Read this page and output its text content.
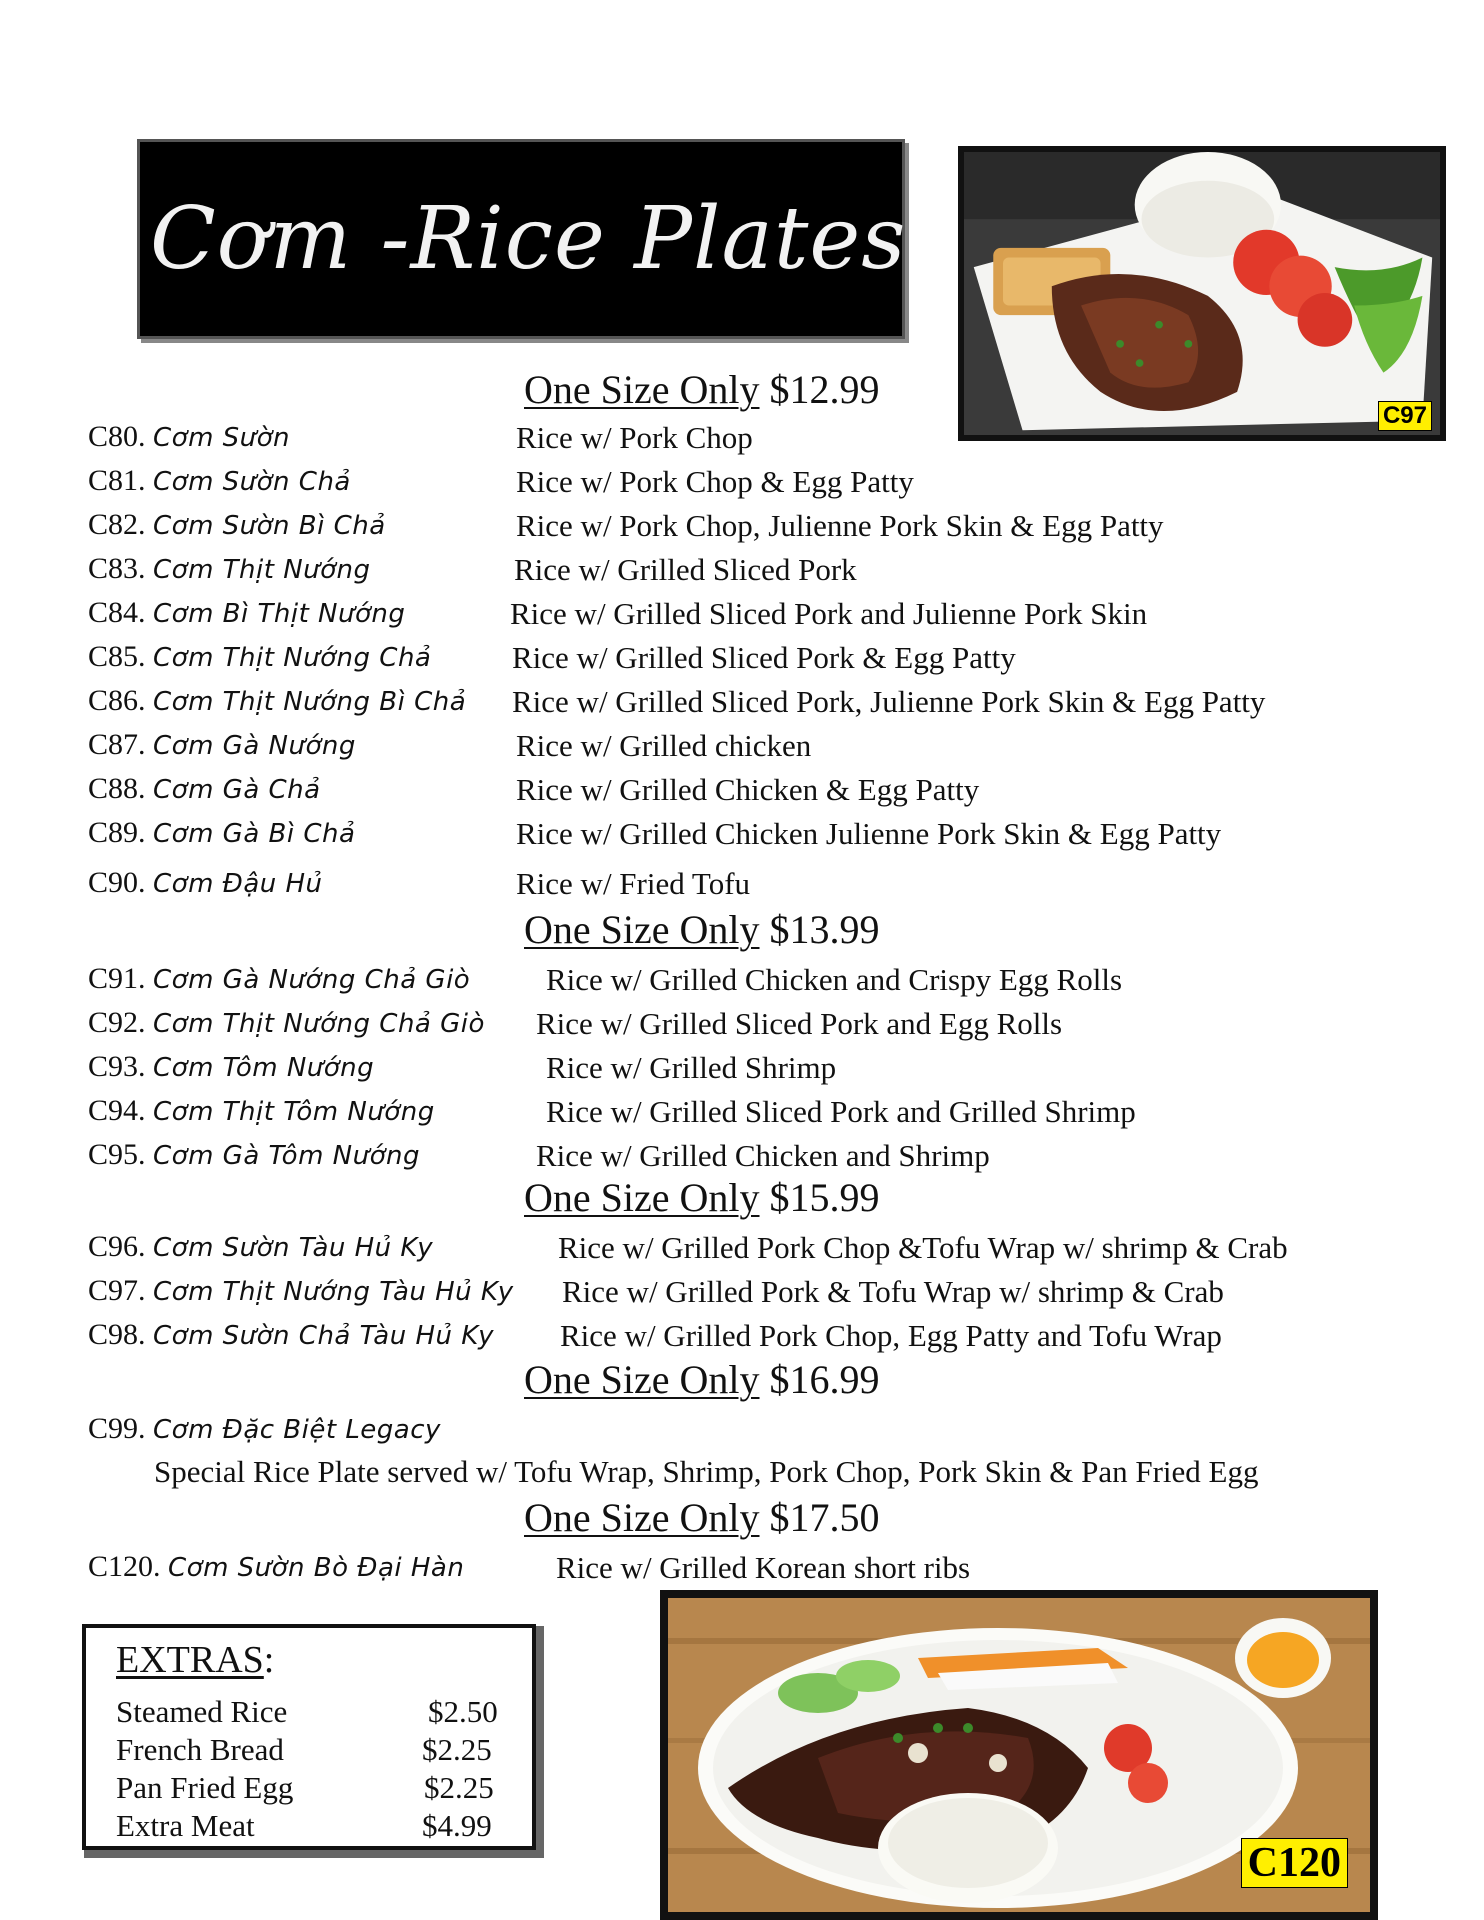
Cơm -Rice Plates
C97
One Size Only $12.99
One Size Only $13.99
One Size Only $15.99
One Size Only $16.99
One Size Only $17.50
C80. Cơm Sườn	Rice w/ Pork Chop
C81. Cơm Sườn Chả	Rice w/ Pork Chop & Egg Patty
C82. Cơm Sườn Bì Chả	Rice w/ Pork Chop, Julienne Pork Skin & Egg Patty
C83. Cơm Thịt Nướng	Rice w/ Grilled Sliced Pork
C84. Cơm Bì Thịt Nướng	Rice w/ Grilled Sliced Pork and Julienne Pork Skin
C85. Cơm Thịt Nướng Chả	Rice w/ Grilled Sliced Pork & Egg Patty
C86. Cơm Thịt Nướng Bì Chả Rice w/ Grilled Sliced Pork, Julienne Pork Skin & Egg Patty
C87. Cơm Gà Nướng	Rice w/ Grilled chicken
C88. Cơm Gà Chả	Rice w/ Grilled Chicken & Egg Patty
C89. Cơm Gà Bì Chả	Rice w/ Grilled Chicken Julienne Pork Skin & Egg Patty
C90. Cơm Đậu Hủ	Rice w/ Fried Tofu
C91. Cơm Gà Nướng Chả Giò Rice w/ Grilled Chicken and Crispy Egg Rolls
C92. Cơm Thịt Nướng Chả Giò Rice w/ Grilled Sliced Pork and Egg Rolls
C93. Cơm Tôm Nướng	Rice w/ Grilled Shrimp
C94. Cơm Thịt Tôm Nướng	Rice w/ Grilled Sliced Pork and Grilled Shrimp
C95. Cơm Gà Tôm Nướng	Rice w/ Grilled Chicken and Shrimp
C96. Cơm Sườn Tàu Hủ Ky	Rice w/ Grilled Pork Chop &Tofu Wrap w/ shrimp & Crab
C97. Cơm Thịt Nướng Tàu Hủ Ky Rice w/ Grilled Pork & Tofu Wrap w/ shrimp & Crab
C98. Cơm Sườn Chả Tàu Hủ Ky Rice w/ Grilled Pork Chop, Egg Patty and Tofu Wrap
C99. Cơm Đặc Biệt Legacy
Special Rice Plate served w/ Tofu Wrap, Shrimp, Pork Chop, Pork Skin & Pan Fried Egg
C120. Cơm Sườn Bò Đại Hàn	Rice w/ Grilled Korean short ribs
EXTRAS:
Steamed Rice	$2.50
French Bread	$2.25
Pan Fried Egg	$2.25
Extra Meat	$4.99
C120
